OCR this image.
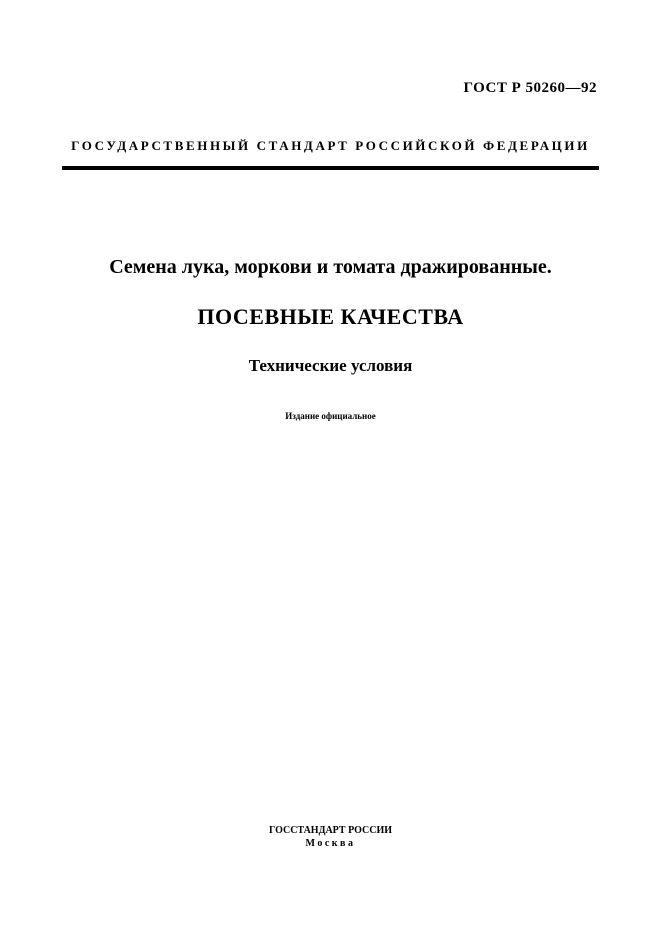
ГОСТ Р 50260—92
ГОСУДАРСТВЕННЫЙ СТАНДАРТ РОССИЙСКОЙ ФЕДЕРАЦИИ
Семена лука, моркови и томата дражированные.
ПОСЕВНЫЕ КАЧЕСТВА
Технические условия
Издание официальное
ГОССТАНДАРТ РОССИИ
Москва
